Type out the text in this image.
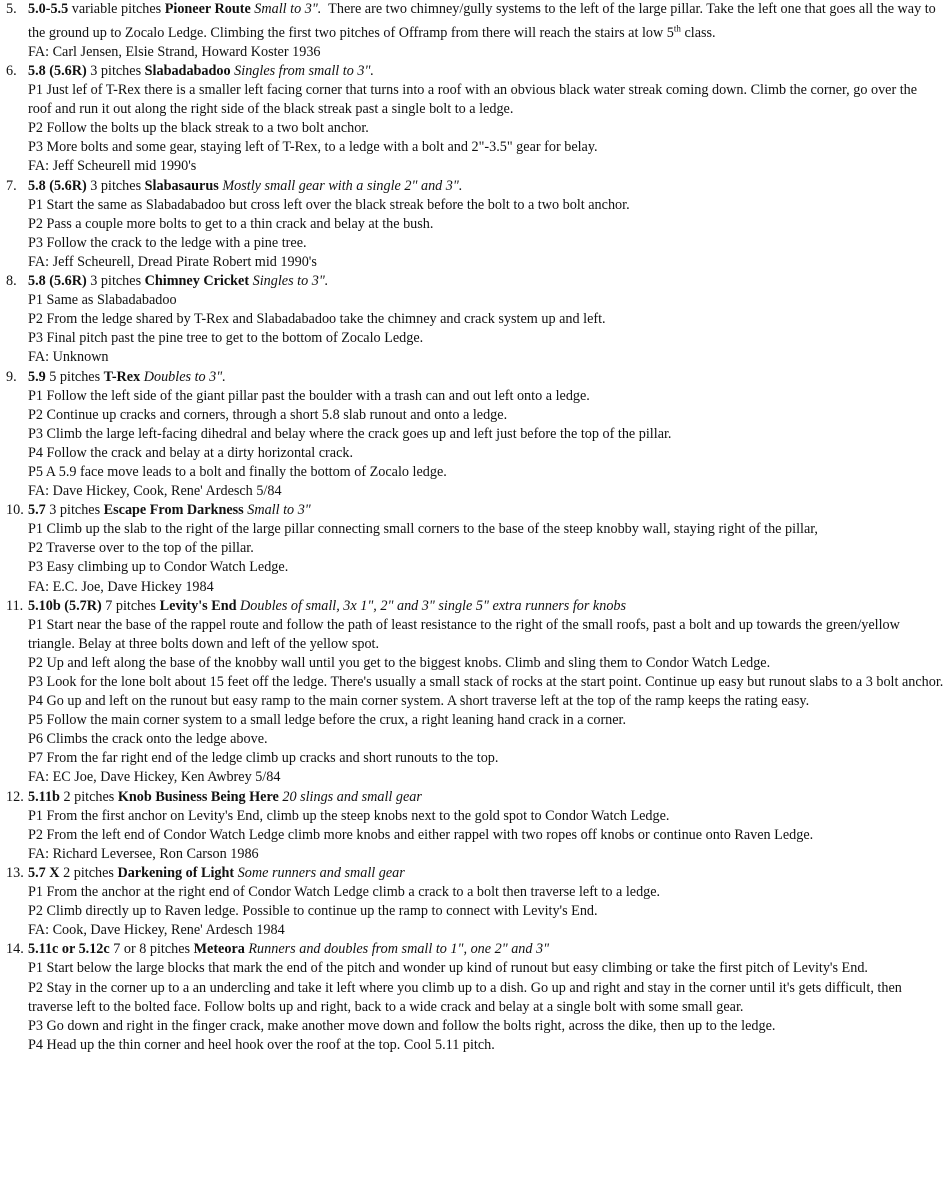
5. 5.0-5.5 variable pitches Pioneer Route Small to 3".  There are two chimney/gully systems to the left of the large pillar. Take the left one that goes all the way to the ground up to Zocalo Ledge. Climbing the first two pitches of Offramp from there will reach the stairs at low 5th class.
FA: Carl Jensen, Elsie Strand, Howard Koster 1936
6. 5.8 (5.6R) 3 pitches Slabadabadoo Singles from small to 3".
P1 Just lef of T-Rex there is a smaller left facing corner that turns into a roof with an obvious black water streak coming down. Climb the corner, go over the roof and run it out along the right side of the black streak past a single bolt to a ledge.
P2 Follow the bolts up the black streak to a two bolt anchor.
P3 More bolts and some gear, staying left of T-Rex, to a ledge with a bolt and 2"-3.5" gear for belay.
FA: Jeff Scheurell mid 1990's
7. 5.8 (5.6R) 3 pitches Slabasaurus Mostly small gear with a single 2" and 3".
P1 Start the same as Slabadabadoo but cross left over the black streak before the bolt to a two bolt anchor.
P2 Pass a couple more bolts to get to a thin crack and belay at the bush.
P3 Follow the crack to the ledge with a pine tree.
FA: Jeff Scheurell, Dread Pirate Robert mid 1990's
8. 5.8 (5.6R) 3 pitches Chimney Cricket Singles to 3".
P1 Same as Slabadabadoo
P2 From the ledge shared by T-Rex and Slabadabadoo take the chimney and crack system up and left.
P3 Final pitch past the pine tree to get to the bottom of Zocalo Ledge.
FA: Unknown
9. 5.9 5 pitches T-Rex Doubles to 3".
P1 Follow the left side of the giant pillar past the boulder with a trash can and out left onto a ledge.
P2 Continue up cracks and corners, through a short 5.8 slab runout and onto a ledge.
P3 Climb the large left-facing dihedral and belay where the crack goes up and left just before the top of the pillar.
P4 Follow the crack and belay at a dirty horizontal crack.
P5 A 5.9 face move leads to a bolt and finally the bottom of Zocalo ledge.
FA: Dave Hickey, Cook, Rene' Ardesch 5/84
10. 5.7 3 pitches Escape From Darkness Small to 3"
P1 Climb up the slab to the right of the large pillar connecting small corners to the base of the steep knobby wall, staying right of the pillar,
P2 Traverse over to the top of the pillar.
P3 Easy climbing up to Condor Watch Ledge.
FA: E.C. Joe, Dave Hickey 1984
11. 5.10b (5.7R) 7 pitches Levity's End Doubles of small, 3x 1", 2" and 3" single 5" extra runners for knobs
P1 Start near the base of the rappel route and follow the path of least resistance to the right of the small roofs, past a bolt and up towards the green/yellow triangle. Belay at three bolts down and left of the yellow spot.
P2 Up and left along the base of the knobby wall until you get to the biggest knobs. Climb and sling them to Condor Watch Ledge.
P3 Look for the lone bolt about 15 feet off the ledge. There's usually a small stack of rocks at the start point. Continue up easy but runout slabs to a 3 bolt anchor.
P4 Go up and left on the runout but easy ramp to the main corner system. A short traverse left at the top of the ramp keeps the rating easy.
P5 Follow the main corner system to a small ledge before the crux, a right leaning hand crack in a corner.
P6 Climbs the crack onto the ledge above.
P7 From the far right end of the ledge climb up cracks and short runouts to the top.
FA: EC Joe, Dave Hickey, Ken Awbrey 5/84
12. 5.11b 2 pitches Knob Business Being Here 20 slings and small gear
P1 From the first anchor on Levity's End, climb up the steep knobs next to the gold spot to Condor Watch Ledge.
P2 From the left end of Condor Watch Ledge climb more knobs and either rappel with two ropes off knobs or continue onto Raven Ledge.
FA: Richard Leversee, Ron Carson 1986
13. 5.7 X 2 pitches Darkening of Light Some runners and small gear
P1 From the anchor at the right end of Condor Watch Ledge climb a crack to a bolt then traverse left to a ledge.
P2 Climb directly up to Raven ledge. Possible to continue up the ramp to connect with Levity's End.
FA: Cook, Dave Hickey, Rene' Ardesch 1984
14. 5.11c or 5.12c 7 or 8 pitches Meteora Runners and doubles from small to 1", one 2" and 3"
P1 Start below the large blocks that mark the end of the pitch and wonder up kind of runout but easy climbing or take the first pitch of Levity's End.
P2 Stay in the corner up to a an undercling and take it left where you climb up to a dish. Go up and right and stay in the corner until it's gets difficult, then traverse left to the bolted face. Follow bolts up and right, back to a wide crack and belay at a single bolt with some small gear.
P3 Go down and right in the finger crack, make another move down and follow the bolts right, across the dike, then up to the ledge.
P4 Head up the thin corner and heel hook over the roof at the top. Cool 5.11 pitch.
